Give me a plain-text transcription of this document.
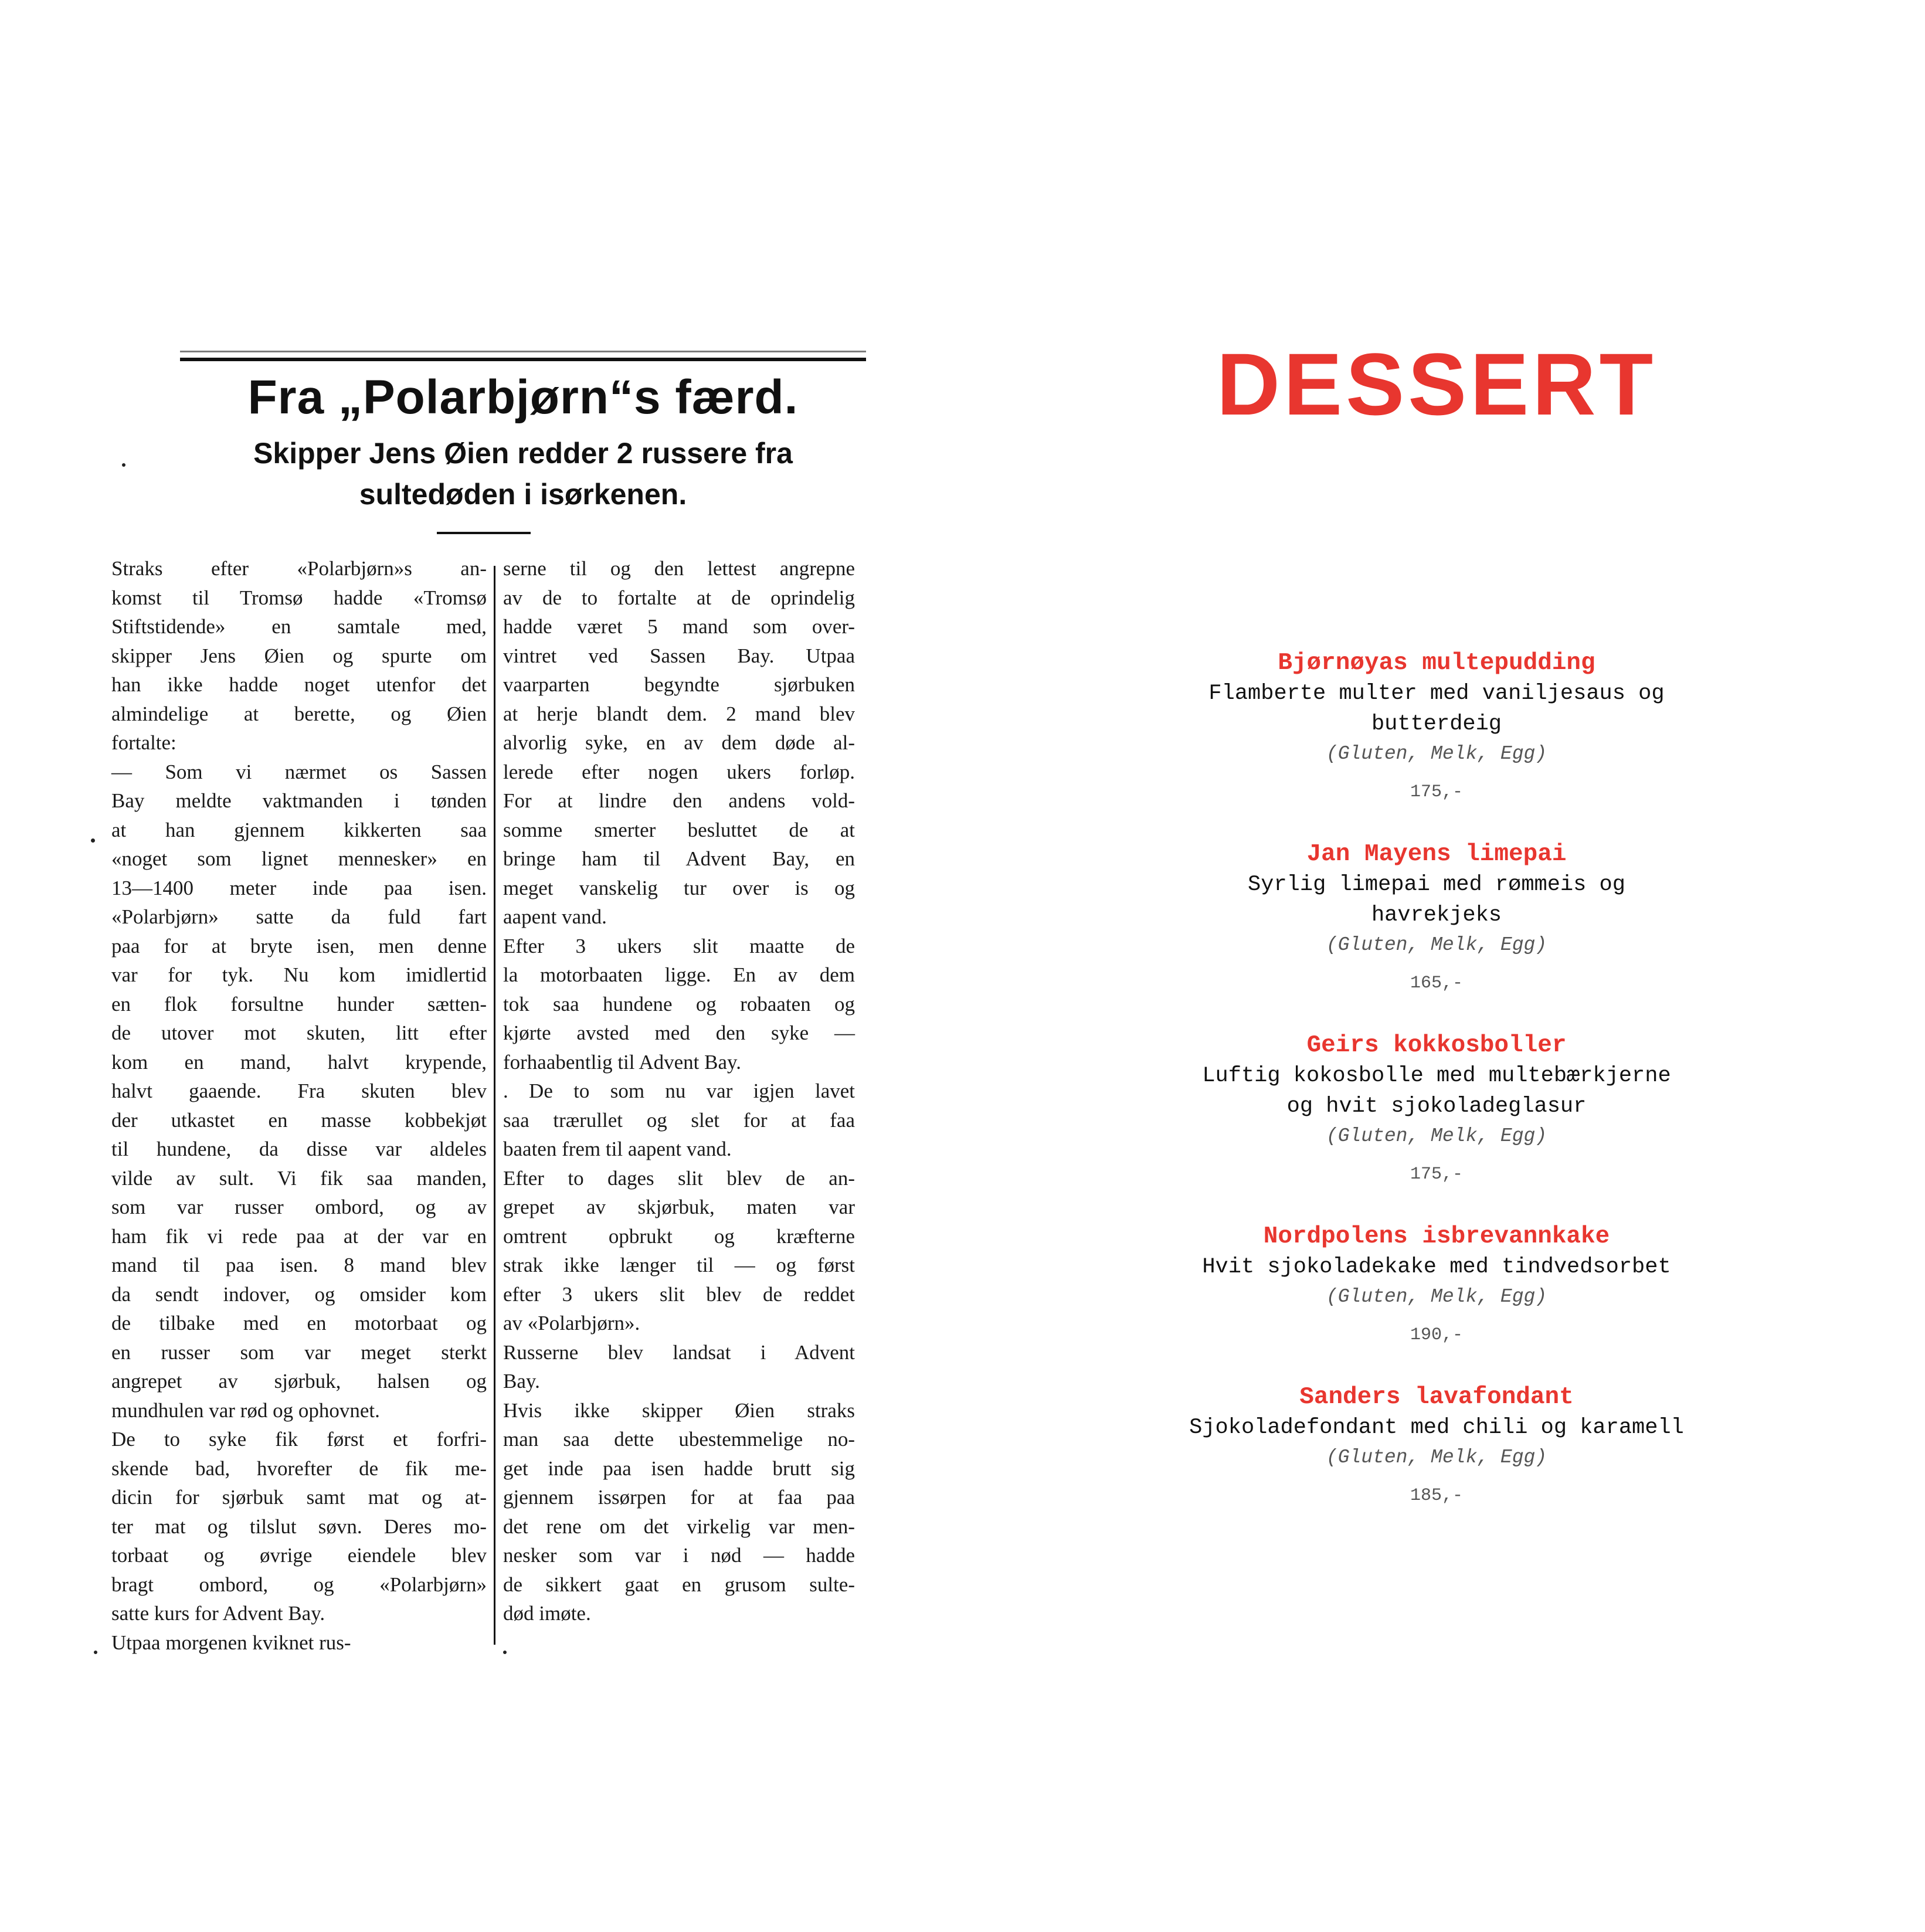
Fra „Polarbjørn“s færd.
Skipper Jens Øien redder 2 russere fra
sultedøden i isørkenen.
Straks efter «Polarbjørn»s an-
komst til Tromsø hadde «Tromsø
Stiftstidende» en samtale med,
skipper Jens Øien og spurte om
han ikke hadde noget utenfor det
almindelige at berette, og Øien
fortalte:
— Som vi nærmet os Sassen
Bay meldte vaktmanden i tønden
at han gjennem kikkerten saa
«noget som lignet mennesker» en
13—1400 meter inde paa isen.
«Polarbjørn» satte da fuld fart
paa for at bryte isen, men denne
var for tyk. Nu kom imidlertid
en flok forsultne hunder sætten-
de utover mot skuten, litt efter
kom en mand, halvt krypende,
halvt gaaende. Fra skuten blev
der utkastet en masse kobbekjøt
til hundene, da disse var aldeles
vilde av sult. Vi fik saa manden,
som var russer ombord, og av
ham fik vi rede paa at der var en
mand til paa isen. 8 mand blev
da sendt indover, og omsider kom
de tilbake med en motorbaat og
en russer som var meget sterkt
angrepet av sjørbuk, halsen og
mundhulen var rød og ophovnet.
De to syke fik først et forfri-
skende bad, hvorefter de fik me-
dicin for sjørbuk samt mat og at-
ter mat og tilslut søvn. Deres mo-
torbaat og øvrige eiendele blev
bragt ombord, og «Polarbjørn»
satte kurs for Advent Bay.
Utpaa morgenen kviknet rus-
serne til og den lettest angrepne
av de to fortalte at de oprindelig
hadde været 5 mand som over-
vintret ved Sassen Bay. Utpaa
vaarparten begyndte sjørbuken
at herje blandt dem. 2 mand blev
alvorlig syke, en av dem døde al-
lerede efter nogen ukers forløp.
For at lindre den andens vold-
somme smerter besluttet de at
bringe ham til Advent Bay, en
meget vanskelig tur over is og
aapent vand.
Efter 3 ukers slit maatte de
la motorbaaten ligge. En av dem
tok saa hundene og robaaten og
kjørte avsted med den syke —
forhaabentlig til Advent Bay.
. De to som nu var igjen lavet
saa trærullet og slet for at faa
baaten frem til aapent vand.
Efter to dages slit blev de an-
grepet av skjørbuk, maten var
omtrent opbrukt og kræfterne
strak ikke længer til — og først
efter 3 ukers slit blev de reddet
av «Polarbjørn».
Russerne blev landsat i Advent
Bay.
Hvis ikke skipper Øien straks
man saa dette ubestemmelige no-
get inde paa isen hadde brutt sig
gjennem issørpen for at faa paa
det rene om det virkelig var men-
nesker som var i nød — hadde
de sikkert gaat en grusom sulte-
død imøte.
DESSERT
Bjørnøyas multepudding
Flamberte multer med vaniljesaus og
butterdeig
(Gluten, Melk, Egg)
175,-
Jan Mayens limepai
Syrlig limepai med rømmeis og
havrekjeks
(Gluten, Melk, Egg)
165,-
Geirs kokkosboller
Luftig kokosbolle med multebærkjerne
og hvit sjokoladeglasur
(Gluten, Melk, Egg)
175,-
Nordpolens isbrevannkake
Hvit sjokoladekake med tindvedsorbet
(Gluten, Melk, Egg)
190,-
Sanders lavafondant
Sjokoladefondant med chili og karamell
(Gluten, Melk, Egg)
185,-
